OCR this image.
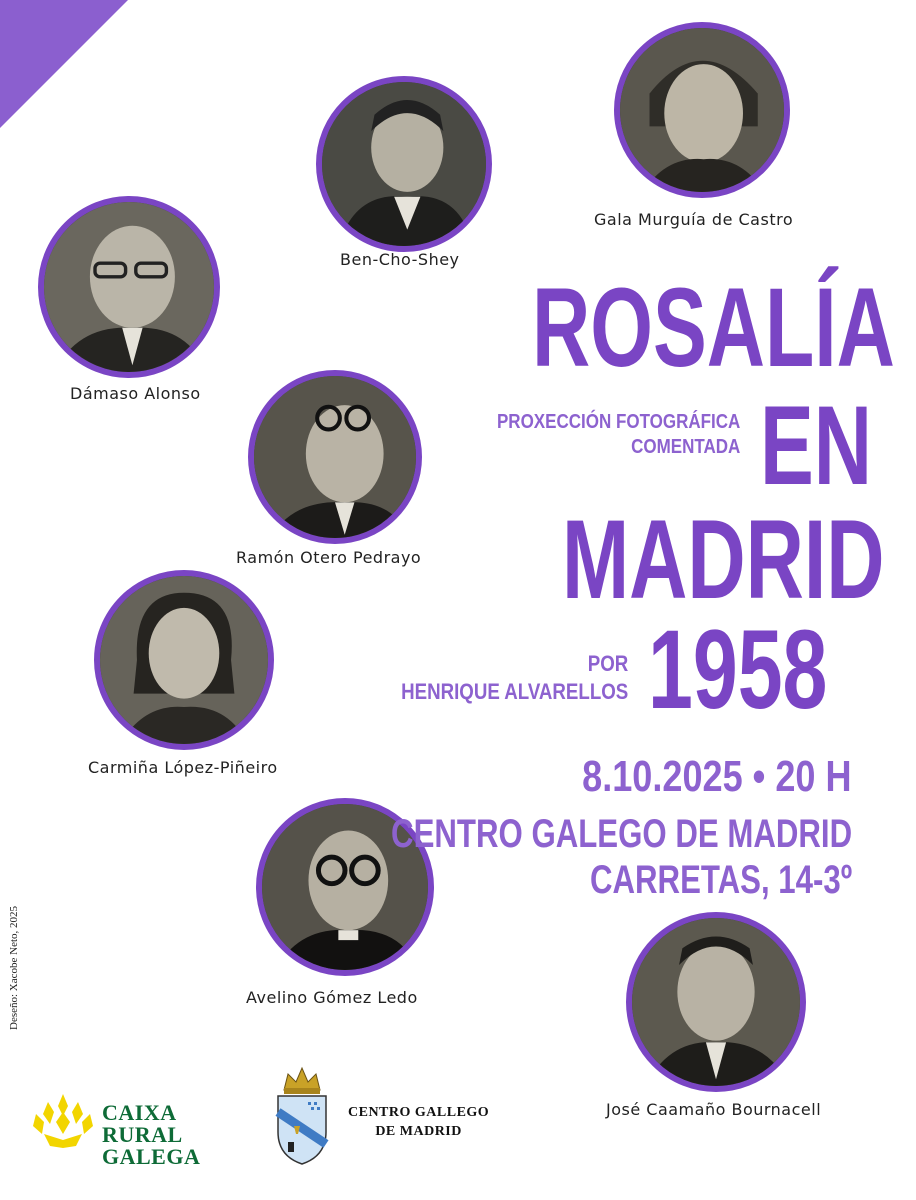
Ben-Cho-Shey
Gala Murguía de Castro
Dámaso Alonso
Ramón Otero Pedrayo
Carmiña López-Piñeiro
Avelino Gómez Ledo
José Caamaño Bournacell
ROSALÍA
EN
MADRID
1958
PROXECCIÓN FOTOGRÁFICA
COMENTADA
POR
HENRIQUE ALVARELLOS
8.10.2025 • 20 H
CENTRO GALEGO DE MADRID
CARRETAS, 14-3º
Deseño: Xacobe Neto, 2025
CAIXA RURAL
GALEGA
CENTRO GALLEGO
DE MADRID
